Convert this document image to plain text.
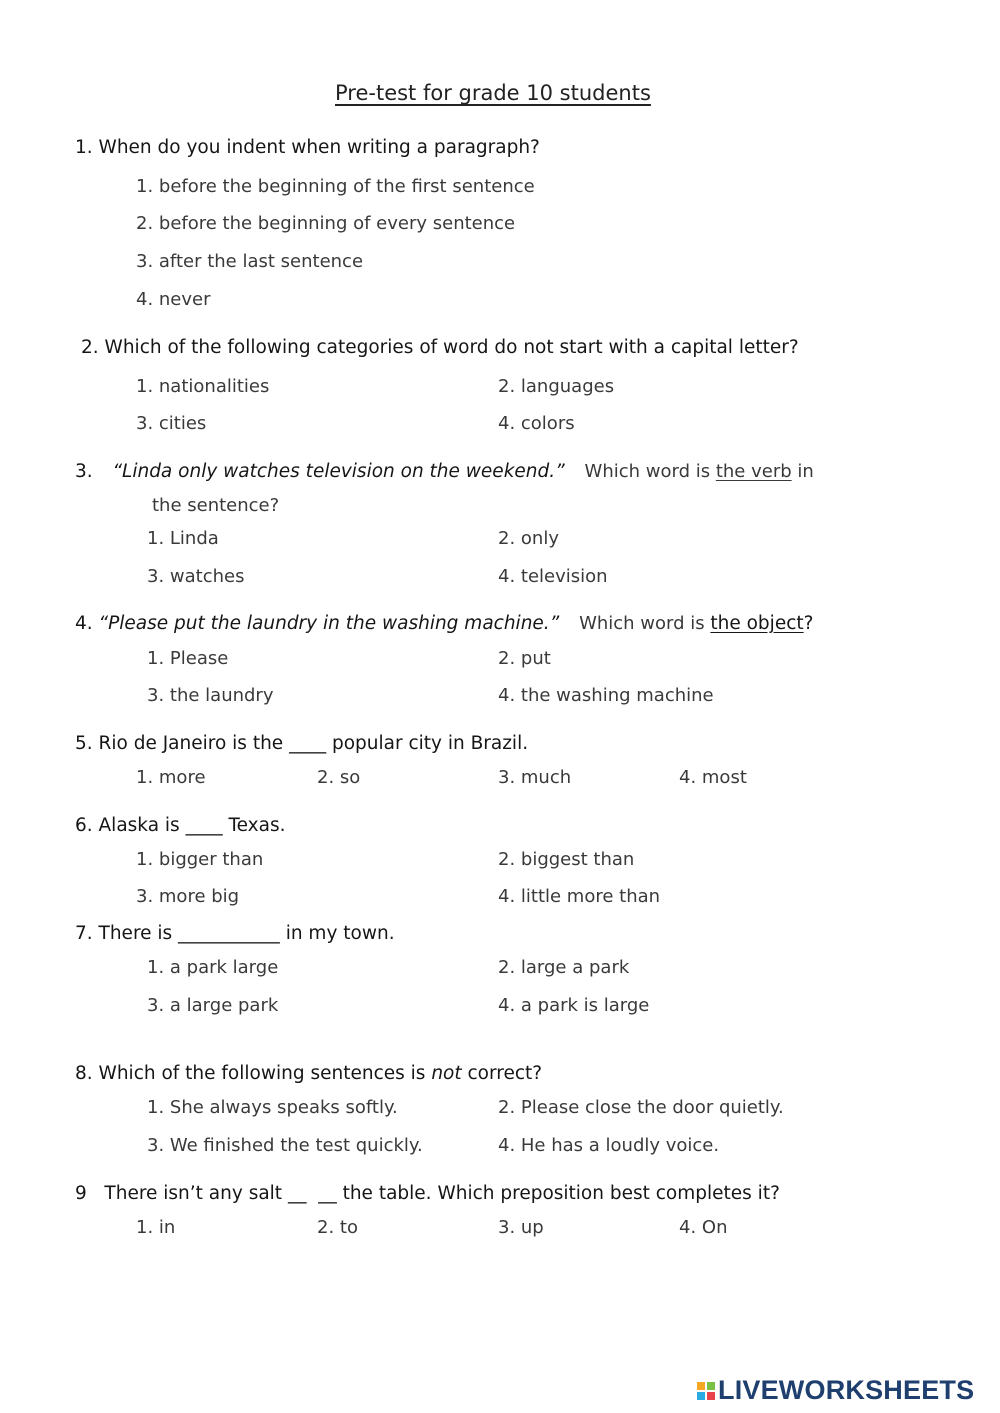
Pre-test for grade 10 students
1. When do you indent when writing a paragraph?
1. before the beginning of the first sentence
2. before the beginning of every sentence
3. after the last sentence
4. never
2. Which of the following categories of word do not start with a capital letter?
1. nationalities	2. languages
3. cities	4. colors
3. “Linda only watches television on the weekend.” Which word is the verb in
the sentence?
1. Linda	2. only
3. watches	4. television
4. “Please put the laundry in the washing machine.” Which word is the object?
1. Please	2. put
3. the laundry	4. the washing machine
5. Rio de Janeiro is the ____ popular city in Brazil.
1. more	2. so	3. much	4. most
6. Alaska is ____ Texas.
1. bigger than	2. biggest than
3. more big	4. little more than
7. There is ___________ in my town.
1. a park large	2. large a park
3. a large park	4. a park is large
8. Which of the following sentences is not correct?
1. She always speaks softly.	2. Please close the door quietly.
3. We finished the test quickly.	4. He has a loudly voice.
9   There isn’t any salt __  __ the table. Which preposition best completes it?
1. in	2. to	3. up	4. On
LIVEWORKSHEETS
